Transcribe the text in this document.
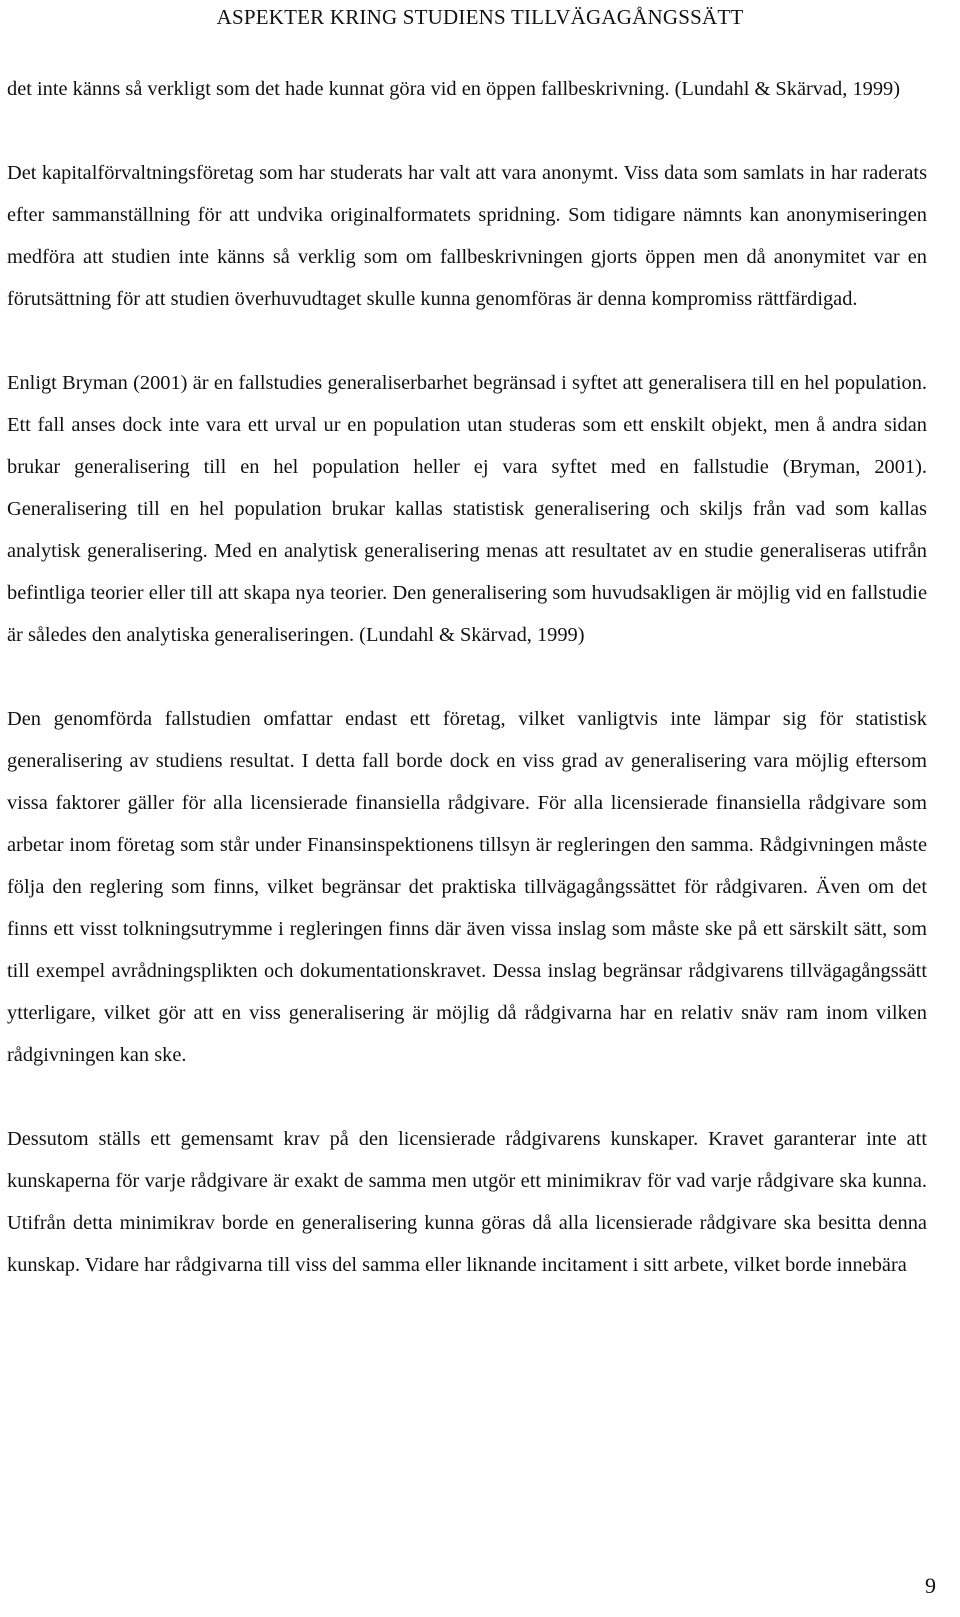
ASPEKTER KRING STUDIENS TILLVÄGAGÅNGSSÄTT

det inte känns så verkligt som det hade kunnat göra vid en öppen fallbeskrivning. (Lundahl & Skärvad, 1999)

Det kapitalförvaltningsföretag som har studerats har valt att vara anonymt. Viss data som samlats in har raderats efter sammanställning för att undvika originalformatets spridning. Som tidigare nämnts kan anonymiseringen medföra att studien inte känns så verklig som om fallbeskrivningen gjorts öppen men då anonymitet var en förutsättning för att studien överhuvudtaget skulle kunna genomföras är denna kompromiss rättfärdigad.

Enligt Bryman (2001) är en fallstudies generaliserbarhet begränsad i syftet att generalisera till en hel population. Ett fall anses dock inte vara ett urval ur en population utan studeras som ett enskilt objekt, men å andra sidan brukar generalisering till en hel population heller ej vara syftet med en fallstudie (Bryman, 2001). Generalisering till en hel population brukar kallas statistisk generalisering och skiljs från vad som kallas analytisk generalisering. Med en analytisk generalisering menas att resultatet av en studie generaliseras utifrån befintliga teorier eller till att skapa nya teorier. Den generalisering som huvudsakligen är möjlig vid en fallstudie är således den analytiska generaliseringen. (Lundahl & Skärvad, 1999)

Den genomförda fallstudien omfattar endast ett företag, vilket vanligtvis inte lämpar sig för statistisk generalisering av studiens resultat. I detta fall borde dock en viss grad av generalisering vara möjlig eftersom vissa faktorer gäller för alla licensierade finansiella rådgivare. För alla licensierade finansiella rådgivare som arbetar inom företag som står under Finansinspektionens tillsyn är regleringen den samma. Rådgivningen måste följa den reglering som finns, vilket begränsar det praktiska tillvägagångssättet för rådgivaren. Även om det finns ett visst tolkningsutrymme i regleringen finns där även vissa inslag som måste ske på ett särskilt sätt, som till exempel avrådningsplikten och dokumentationskravet. Dessa inslag begränsar rådgivarens tillvägagångssätt ytterligare, vilket gör att en viss generalisering är möjlig då rådgivarna har en relativ snäv ram inom vilken rådgivningen kan ske.

Dessutom ställs ett gemensamt krav på den licensierade rådgivarens kunskaper. Kravet garanterar inte att kunskaperna för varje rådgivare är exakt de samma men utgör ett minimikrav för vad varje rådgivare ska kunna. Utifrån detta minimikrav borde en generalisering kunna göras då alla licensierade rådgivare ska besitta denna kunskap. Vidare har rådgivarna till viss del samma eller liknande incitament i sitt arbete, vilket borde innebära

9
